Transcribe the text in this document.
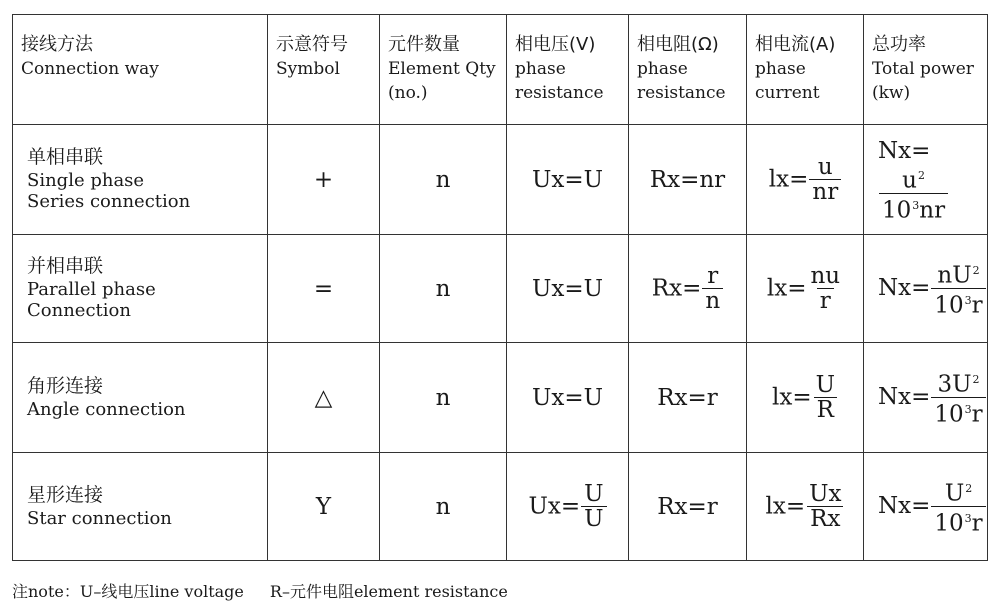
接线方法
Connection way	示意符号
Symbol	元件数量
Element Qty
(no.)	相电压(V)
phase
resistance	相电阻(Ω)
phase
resistance	相电流(A)
phase
current	总功率
Total power
(kw)

单相串联
Single phase
Series connection	+	n	Ux=U	Rx=nr	$lx= \frac{u}{nr}$	Nx=
$\frac{u^2}{10^3nr}$

并相串联
Parallel phase
Connection	=	n	Ux=U	$Rx= \frac{r}{n}$	$lx= \frac{nu}{r}$	$Nx= \frac{nU^2}{10^3r}$

角形连接
Angle connection	△	n	Ux=U	Rx=r	$lx= \frac{U}{R}$	$Nx= \frac{3U^2}{10^3r}$

星形连接
Star connection	Y	n	$Ux= \frac{U}{U}$	Rx=r	$lx= \frac{Ux}{Rx}$	$Nx= \frac{U^2}{10^3r}$
注note：U–线电压line voltage R–元件电阻element resistance
